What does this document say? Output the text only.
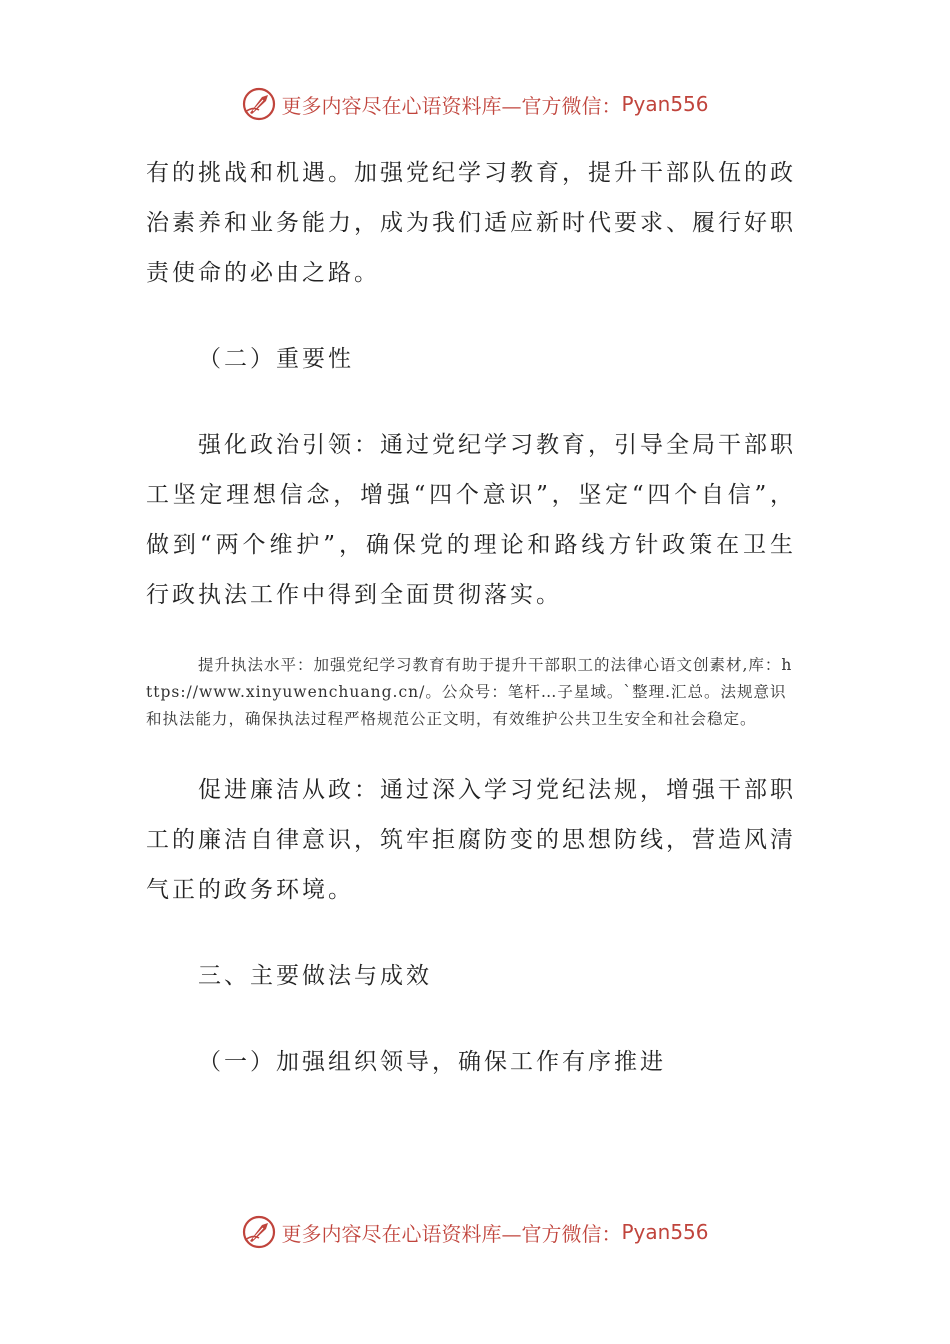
更多内容尽在心语资料库—官方微信： Pyan556

有的挑战和机遇。加强党纪学习教育，提升干部队伍的政治素养和业务能力，成为我们适应新时代要求、履行好职责使命的必由之路。

（二）重要性

强化政治引领：通过党纪学习教育，引导全局干部职工坚定理想信念，增强“四个意识”，坚定“四个自信”，做到“两个维护”，确保党的理论和路线方针政策在卫生行政执法工作中得到全面贯彻落实。

提升执法水平：加强党纪学习教育有助于提升干部职工的法律心语文创素材,库：https://www.xinyuwenchuang.cn/。公众号：笔杆…子星域。`整理.汇总。法规意识和执法能力，确保执法过程严格规范公正文明，有效维护公共卫生安全和社会稳定。

促进廉洁从政：通过深入学习党纪法规，增强干部职工的廉洁自律意识，筑牢拒腐防变的思想防线，营造风清气正的政务环境。

三、主要做法与成效

（一）加强组织领导，确保工作有序推进

更多内容尽在心语资料库—官方微信： Pyan556
